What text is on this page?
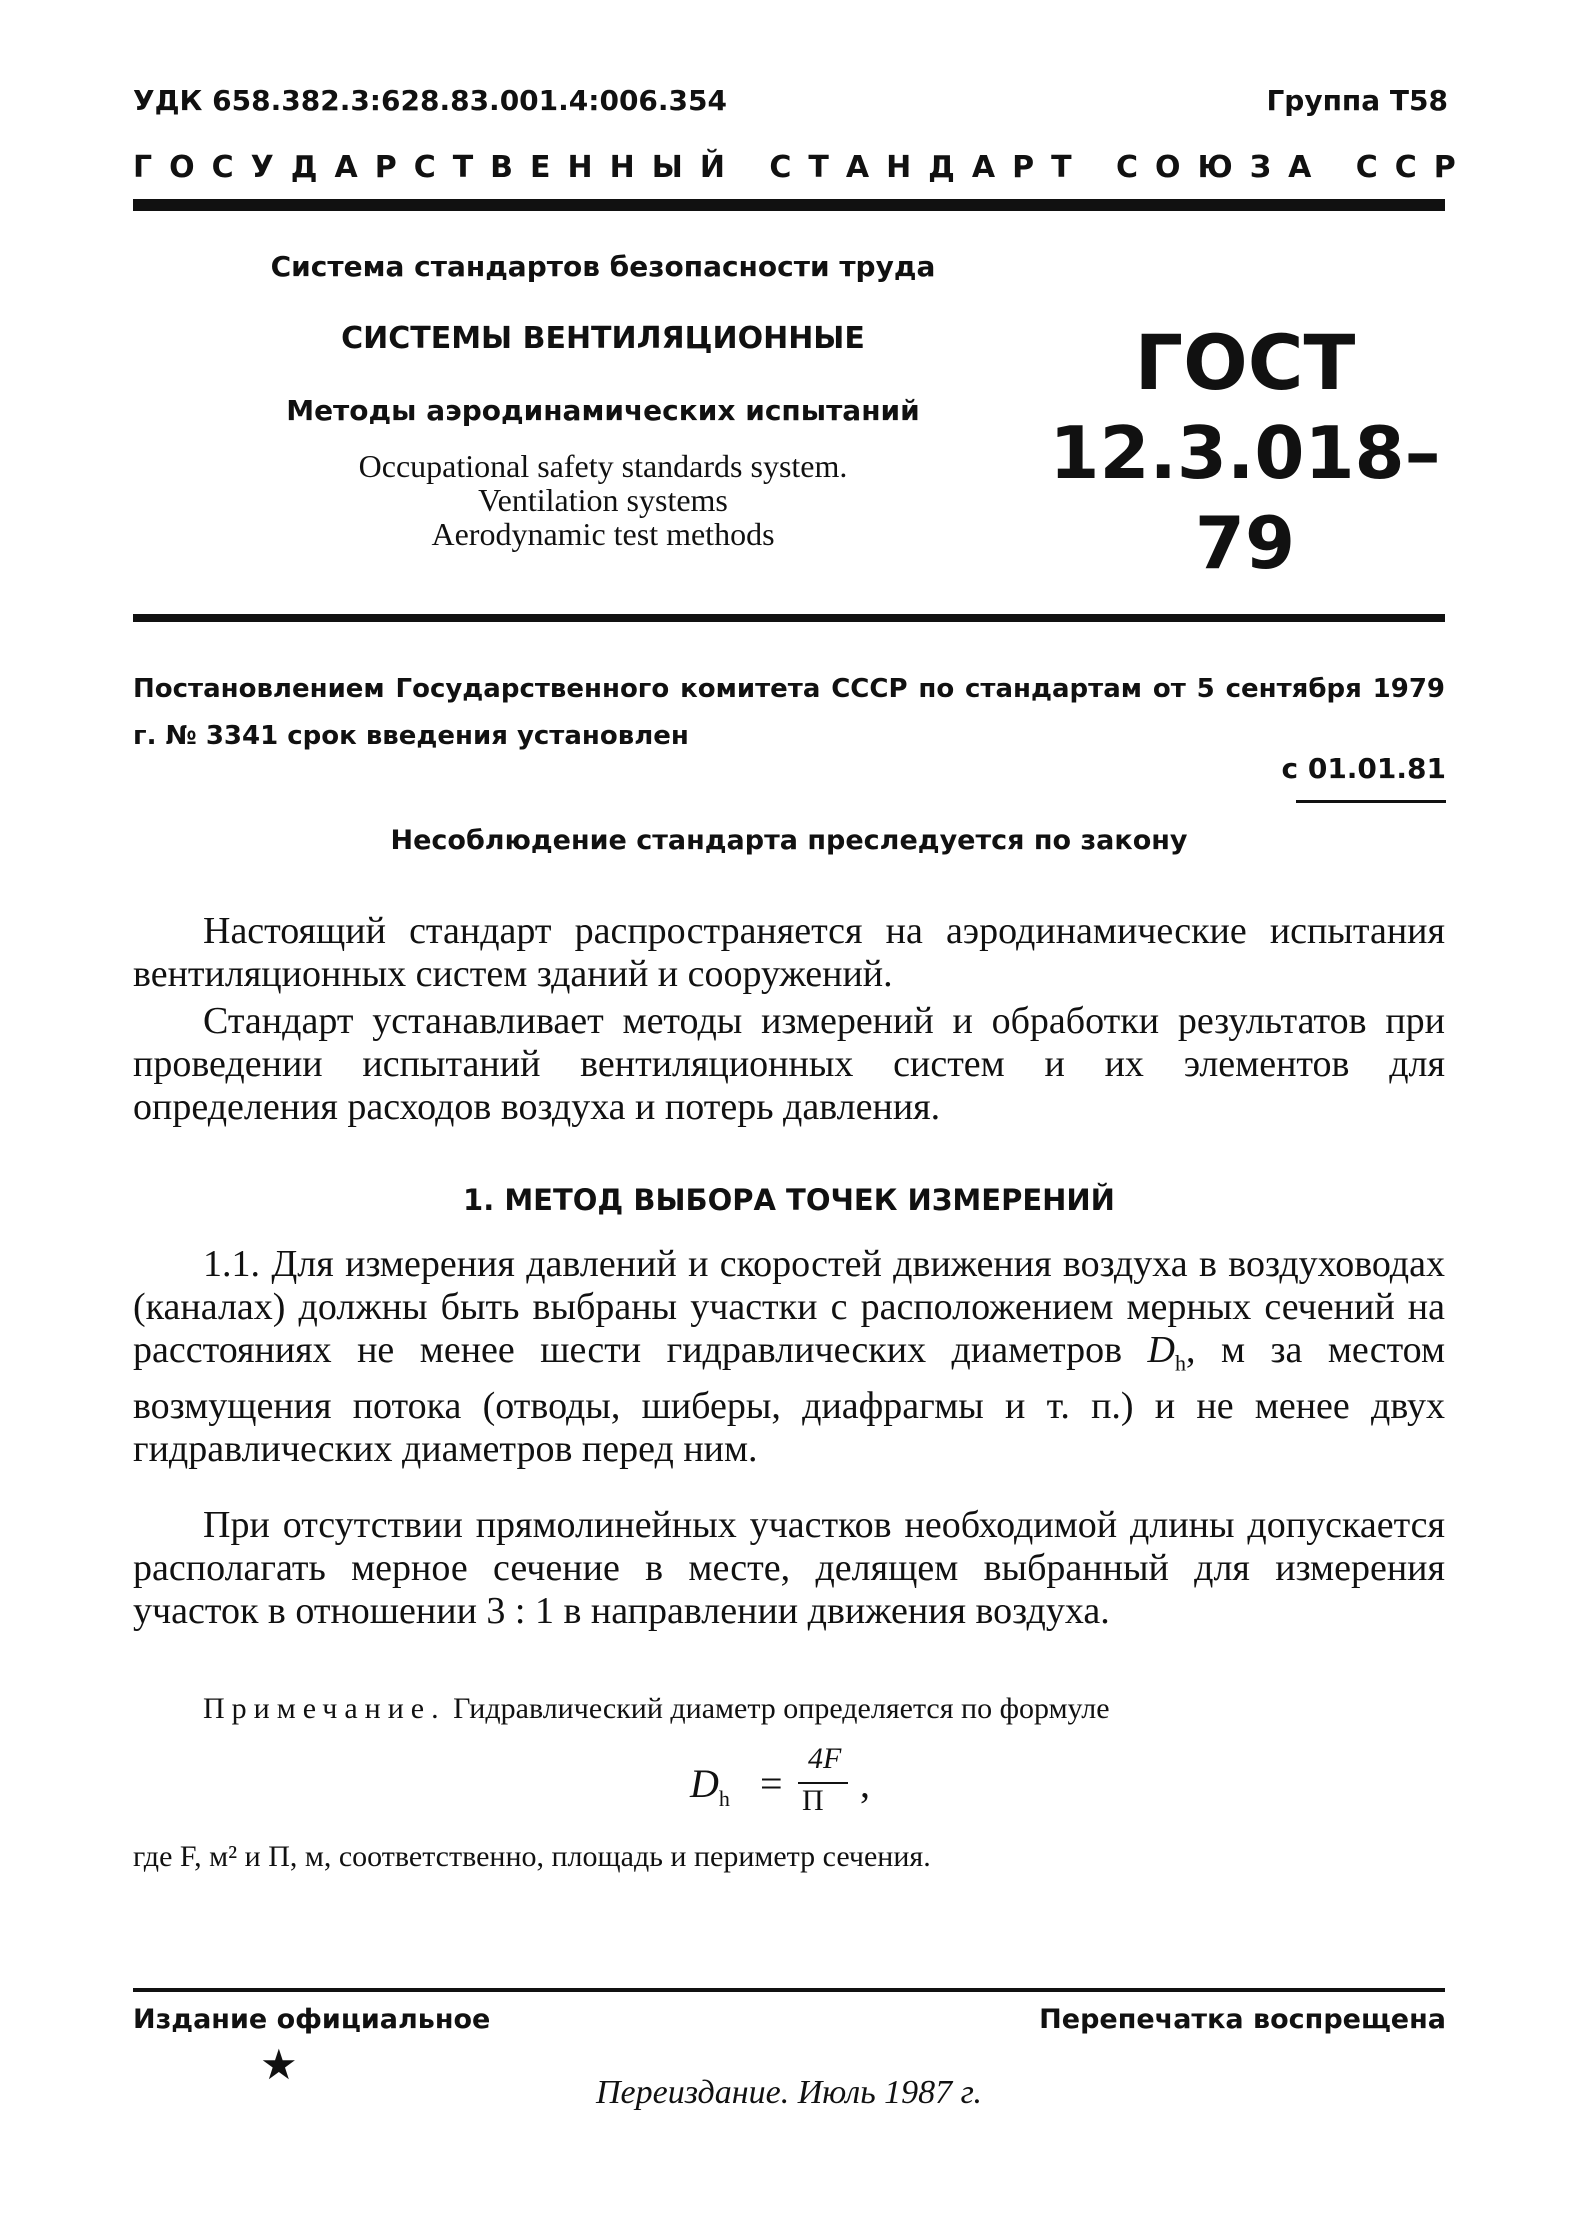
УДК 658.382.3:628.83.001.4:006.354	Группа Т58
ГОСУДАРСТВЕННЫЙ СТАНДАРТ СОЮЗА ССР
Система стандартов безопасности труда
СИСТЕМЫ ВЕНТИЛЯЦИОННЫЕ
Методы аэродинамических испытаний
Occupational safety standards system.
Ventilation systems
Aerodynamic test methods
ГОСТ
12.3.018–79
Постановлением Государственного комитета СССР по стандартам от 5 сентября 1979 г. № 3341 срок введения установлен
с 01.01.81
Несоблюдение стандарта преследуется по закону
Настоящий стандарт распространяется на аэродинамические испытания вентиляционных систем зданий и сооружений.
Стандарт устанавливает методы измерений и обработки результатов при проведении испытаний вентиляционных систем и их элементов для определения расходов воздуха и потерь давления.
1. МЕТОД ВЫБОРА ТОЧЕК ИЗМЕРЕНИЙ
1.1. Для измерения давлений и скоростей движения воздуха в воздуховодах (каналах) должны быть выбраны участки с расположением мерных сечений на расстояниях не менее шести гидравлических диаметров $D_h$, м за местом возмущения потока (отводы, шиберы, диафрагмы и т. п.) и не менее двух гидравлических диаметров перед ним.
При отсутствии прямолинейных участков необходимой длины допускается располагать мерное сечение в месте, делящем выбранный для измерения участок в отношении 3 : 1 в направлении движения воздуха.
Примечание. Гидравлический диаметр определяется по формуле
$D_h$ =
4F
П ,
где F, м² и П, м, соответственно, площадь и периметр сечения.
Издание официальное	Перепечатка воспрещена
★
Переиздание. Июль 1987 г.
